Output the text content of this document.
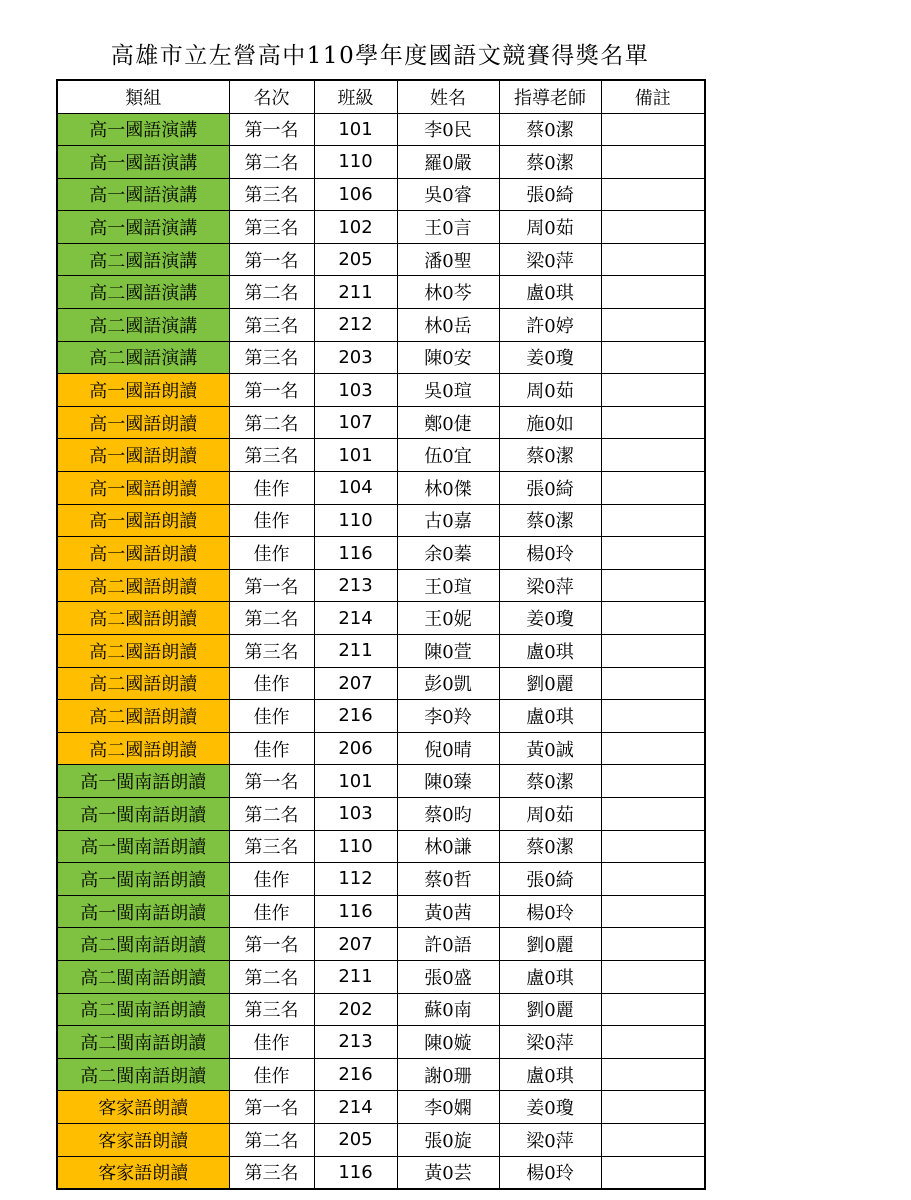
高雄市立左營高中110學年度國語文競賽得獎名單
類組	名次	班級	姓名	指導老師	備註
高一國語演講	第一名	101	李0民	蔡0潔	
高一國語演講	第二名	110	羅0嚴	蔡0潔	
高一國語演講	第三名	106	吳0睿	張0綺	
高一國語演講	第三名	102	王0言	周0茹	
高二國語演講	第一名	205	潘0聖	梁0萍	
高二國語演講	第二名	211	林0芩	盧0琪	
高二國語演講	第三名	212	林0岳	許0婷	
高二國語演講	第三名	203	陳0安	姜0瓊	
高一國語朗讀	第一名	103	吳0瑄	周0茹	
高一國語朗讀	第二名	107	鄭0倢	施0如	
高一國語朗讀	第三名	101	伍0宜	蔡0潔	
高一國語朗讀	佳作	104	林0傑	張0綺	
高一國語朗讀	佳作	110	古0嘉	蔡0潔	
高一國語朗讀	佳作	116	余0蓁	楊0玲	
高二國語朗讀	第一名	213	王0瑄	梁0萍	
高二國語朗讀	第二名	214	王0妮	姜0瓊	
高二國語朗讀	第三名	211	陳0萱	盧0琪	
高二國語朗讀	佳作	207	彭0凱	劉0麗	
高二國語朗讀	佳作	216	李0羚	盧0琪	
高二國語朗讀	佳作	206	倪0晴	黃0誠	
高一閩南語朗讀	第一名	101	陳0臻	蔡0潔	
高一閩南語朗讀	第二名	103	蔡0昀	周0茹	
高一閩南語朗讀	第三名	110	林0謙	蔡0潔	
高一閩南語朗讀	佳作	112	蔡0哲	張0綺	
高一閩南語朗讀	佳作	116	黃0茜	楊0玲	
高二閩南語朗讀	第一名	207	許0語	劉0麗	
高二閩南語朗讀	第二名	211	張0盛	盧0琪	
高二閩南語朗讀	第三名	202	蘇0南	劉0麗	
高二閩南語朗讀	佳作	213	陳0嫙	梁0萍	
高二閩南語朗讀	佳作	216	謝0珊	盧0琪	
客家語朗讀	第一名	214	李0嫻	姜0瓊	
客家語朗讀	第二名	205	張0旋	梁0萍	
客家語朗讀	第三名	116	黃0芸	楊0玲	
